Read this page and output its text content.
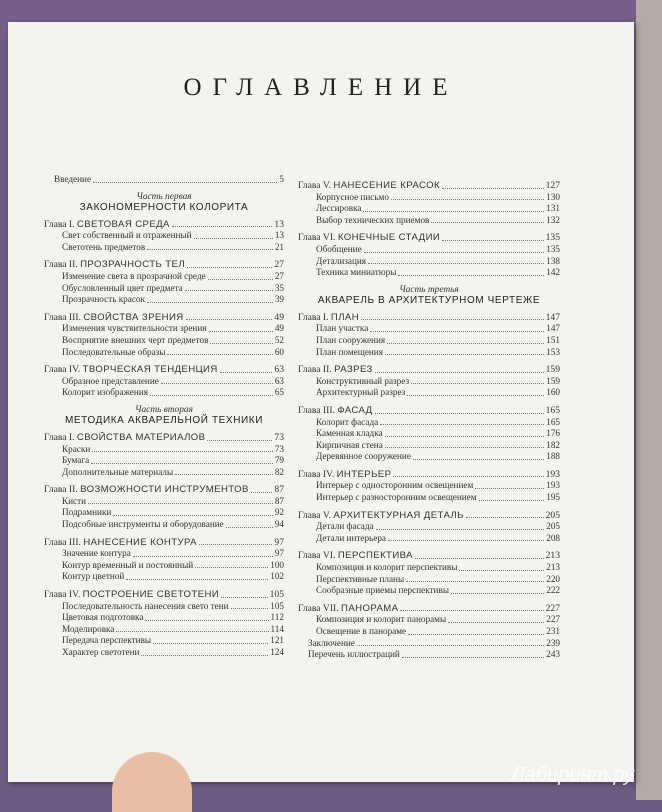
ОГЛАВЛЕНИЕ
Введение	5
Часть первая
ЗАКОНОМЕРНОСТИ КОЛОРИТА
Глава I. СВЕТОВАЯ СРЕДА	13
Свет собственный и отраженный	13
Светотень предметов	21
Глава II. ПРОЗРАЧНОСТЬ ТЕЛ	27
Изменение света в прозрачной среде	27
Обусловленный цвет предмета	35
Прозрачность красок	39
Глава III. СВОЙСТВА ЗРЕНИЯ	49
Изменения чувствительности зрения	49
Восприятие внешних черт предметов	52
Последовательные образы	60
Глава IV. ТВОРЧЕСКАЯ ТЕНДЕНЦИЯ	63
Образное представление	63
Колорит изображения	65
Часть вторая
МЕТОДИКА АКВАРЕЛЬНОЙ ТЕХНИКИ
Глава I. СВОЙСТВА МАТЕРИАЛОВ	73
Краски	73
Бумага	79
Дополнительные материалы	82
Глава II. ВОЗМОЖНОСТИ ИНСТРУМЕНТОВ	87
Кисти	87
Подрамники	92
Подсобные инструменты и оборудование	94
Глава III. НАНЕСЕНИЕ КОНТУРА	97
Значение контура	97
Контур временный и постоянный	100
Контур цветной	102
Глава IV. ПОСТРОЕНИЕ СВЕТОТЕНИ	105
Последовательность нанесения свето тени	105
Цветовая подготовка	112
Моделировка	114
Передача перспективы	121
Характер светотени	124
Глава V. НАНЕСЕНИЕ КРАСОК	127
Корпусное письмо	130
Лессировка	131
Выбор технических приемов	132
Глава VI. КОНЕЧНЫЕ СТАДИИ	135
Обобщение	135
Детализация	138
Техника миниатюры	142
Часть третья
АКВАРЕЛЬ В АРХИТЕКТУРНОМ ЧЕРТЕЖЕ
Глава I. ПЛАН	147
План участка	147
План сооружения	151
План помещения	153
Глава II. РАЗРЕЗ	159
Конструктивный разрез	159
Архитектурный разрез	160
Глава III. ФАСАД	165
Колорит фасада	165
Каменная кладка	176
Кирпичная стена	182
Деревянное сооружение	188
Глава IV. ИНТЕРЬЕР	193
Интерьер с односторонним освещением	193
Интерьер с разносторонним освещением	195
Глава V. АРХИТЕКТУРНАЯ ДЕТАЛЬ	205
Детали фасада	205
Детали интерьера	208
Глава VI. ПЕРСПЕКТИВА	213
Композиция и колорит перспективы	213
Перспективные планы	220
Сообразные приемы перспективы	222
Глава VII. ПАНОРАМА	227
Композиция и колорит панорамы	227
Освещение в панораме	231
Заключение	239
Перечень иллюстраций	243
Лабиринт.ру
